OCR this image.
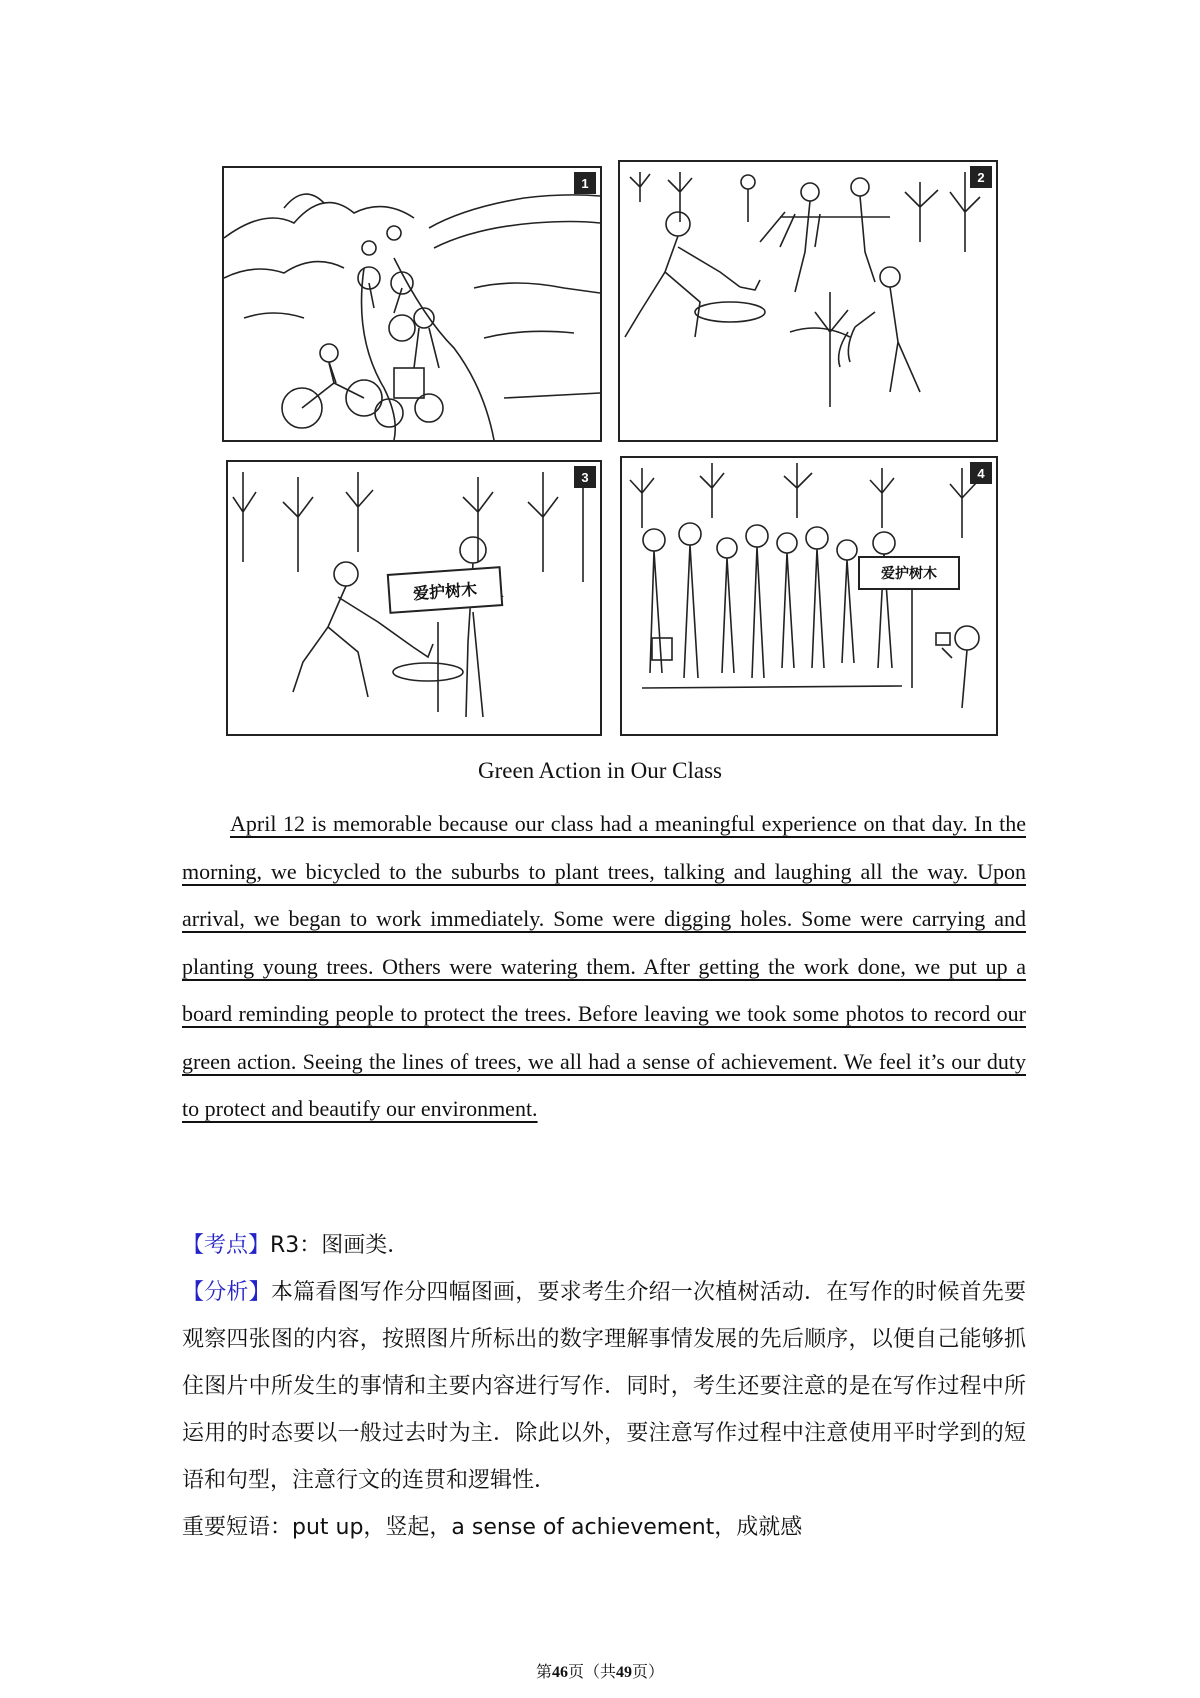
1	2
爱护树木
3
爱护树木
4
Green Action in Our Class
April 12 is memorable because our class had a meaningful experience on that day. In the morning, we bicycled to the suburbs to plant trees, talking and laughing all the way. Upon arrival, we began to work immediately. Some were digging holes. Some were carrying and planting young trees. Others were watering them. After getting the work done, we put up a board reminding people to protect the trees. Before leaving we took some photos to record our green action. Seeing the lines of trees, we all had a sense of achievement. We feel it’s our duty to protect and beautify our environment.

【考点】R3：图画类．

【分析】本篇看图写作分四幅图画，要求考生介绍一次植树活动．在写作的时候首先要观察四张图的内容，按照图片所标出的数字理解事情发展的先后顺序，以便自己能够抓住图片中所发生的事情和主要内容进行写作．同时，考生还要注意的是在写作过程中所运用的时态要以一般过去时为主．除此以外，要注意写作过程中注意使用平时学到的短语和句型，注意行文的连贯和逻辑性．

重要短语：put up，竖起，a sense of achievement，成就感

第46页（共49页）
